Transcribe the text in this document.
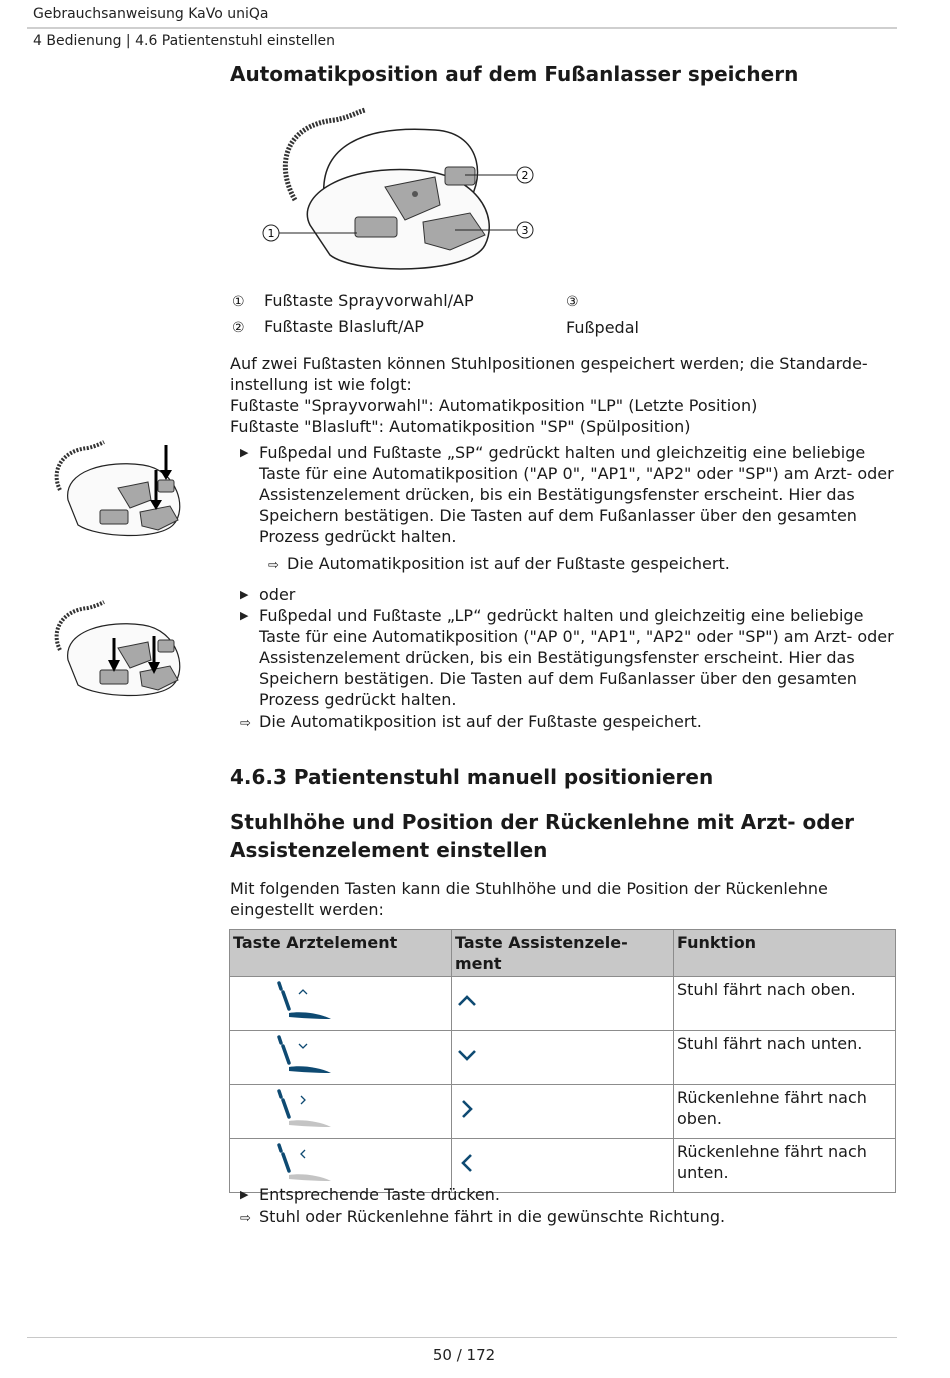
Gebrauchsanweisung KaVo uniQa
4 Bedienung | 4.6 Patientenstuhl einstellen
Automatikposition auf dem Fußanlasser speichern
1
2
3
① Fußtaste Sprayvorwahl/AP	③Fußpedal
② Fußtaste Blasluft/AP
Auf zwei Fußtasten können Stuhlpositionen gespeichert werden; die Standarde-
instellung ist wie folgt:
Fußtaste "Sprayvorwahl": Automatikposition "LP" (Letzte Position)
Fußtaste "Blasluft": Automatikposition "SP" (Spülposition)
▶ Fußpedal und Fußtaste „SP“ gedrückt halten und gleichzeitig eine beliebige Taste für eine Automatikposition ("AP 0", "AP1", "AP2" oder "SP") am Arzt- oder Assistenzelement drücken, bis ein Bestätigungsfenster erscheint. Hier das Speichern bestätigen. Die Tasten auf dem Fußanlasser über den gesamten Prozess gedrückt halten.
⇨ Die Automatikposition ist auf der Fußtaste gespeichert.
▶ oder
▶ Fußpedal und Fußtaste „LP“ gedrückt halten und gleichzeitig eine beliebige Taste für eine Automatikposition ("AP 0", "AP1", "AP2" oder "SP") am Arzt- oder Assistenzelement drücken, bis ein Bestätigungsfenster erscheint. Hier das Speichern bestätigen. Die Tasten auf dem Fußanlasser über den gesamten Prozess gedrückt halten.
⇨ Die Automatikposition ist auf der Fußtaste gespeichert.
4.6.3 Patientenstuhl manuell positionieren
Stuhlhöhe und Position der Rückenlehne mit Arzt- oder
Assistenzelement einstellen
Mit folgenden Tasten kann die Stuhlhöhe und die Position der Rückenlehne eingestellt werden:
Taste Arztelement	Taste Assistenzele-ment	Funktion
		Stuhl fährt nach oben.
		Stuhl fährt nach unten.
		Rückenlehne fährt nach oben.
		Rückenlehne fährt nach unten.
▶ Entsprechende Taste drücken.
⇨ Stuhl oder Rückenlehne fährt in die gewünschte Richtung.
50 / 172
